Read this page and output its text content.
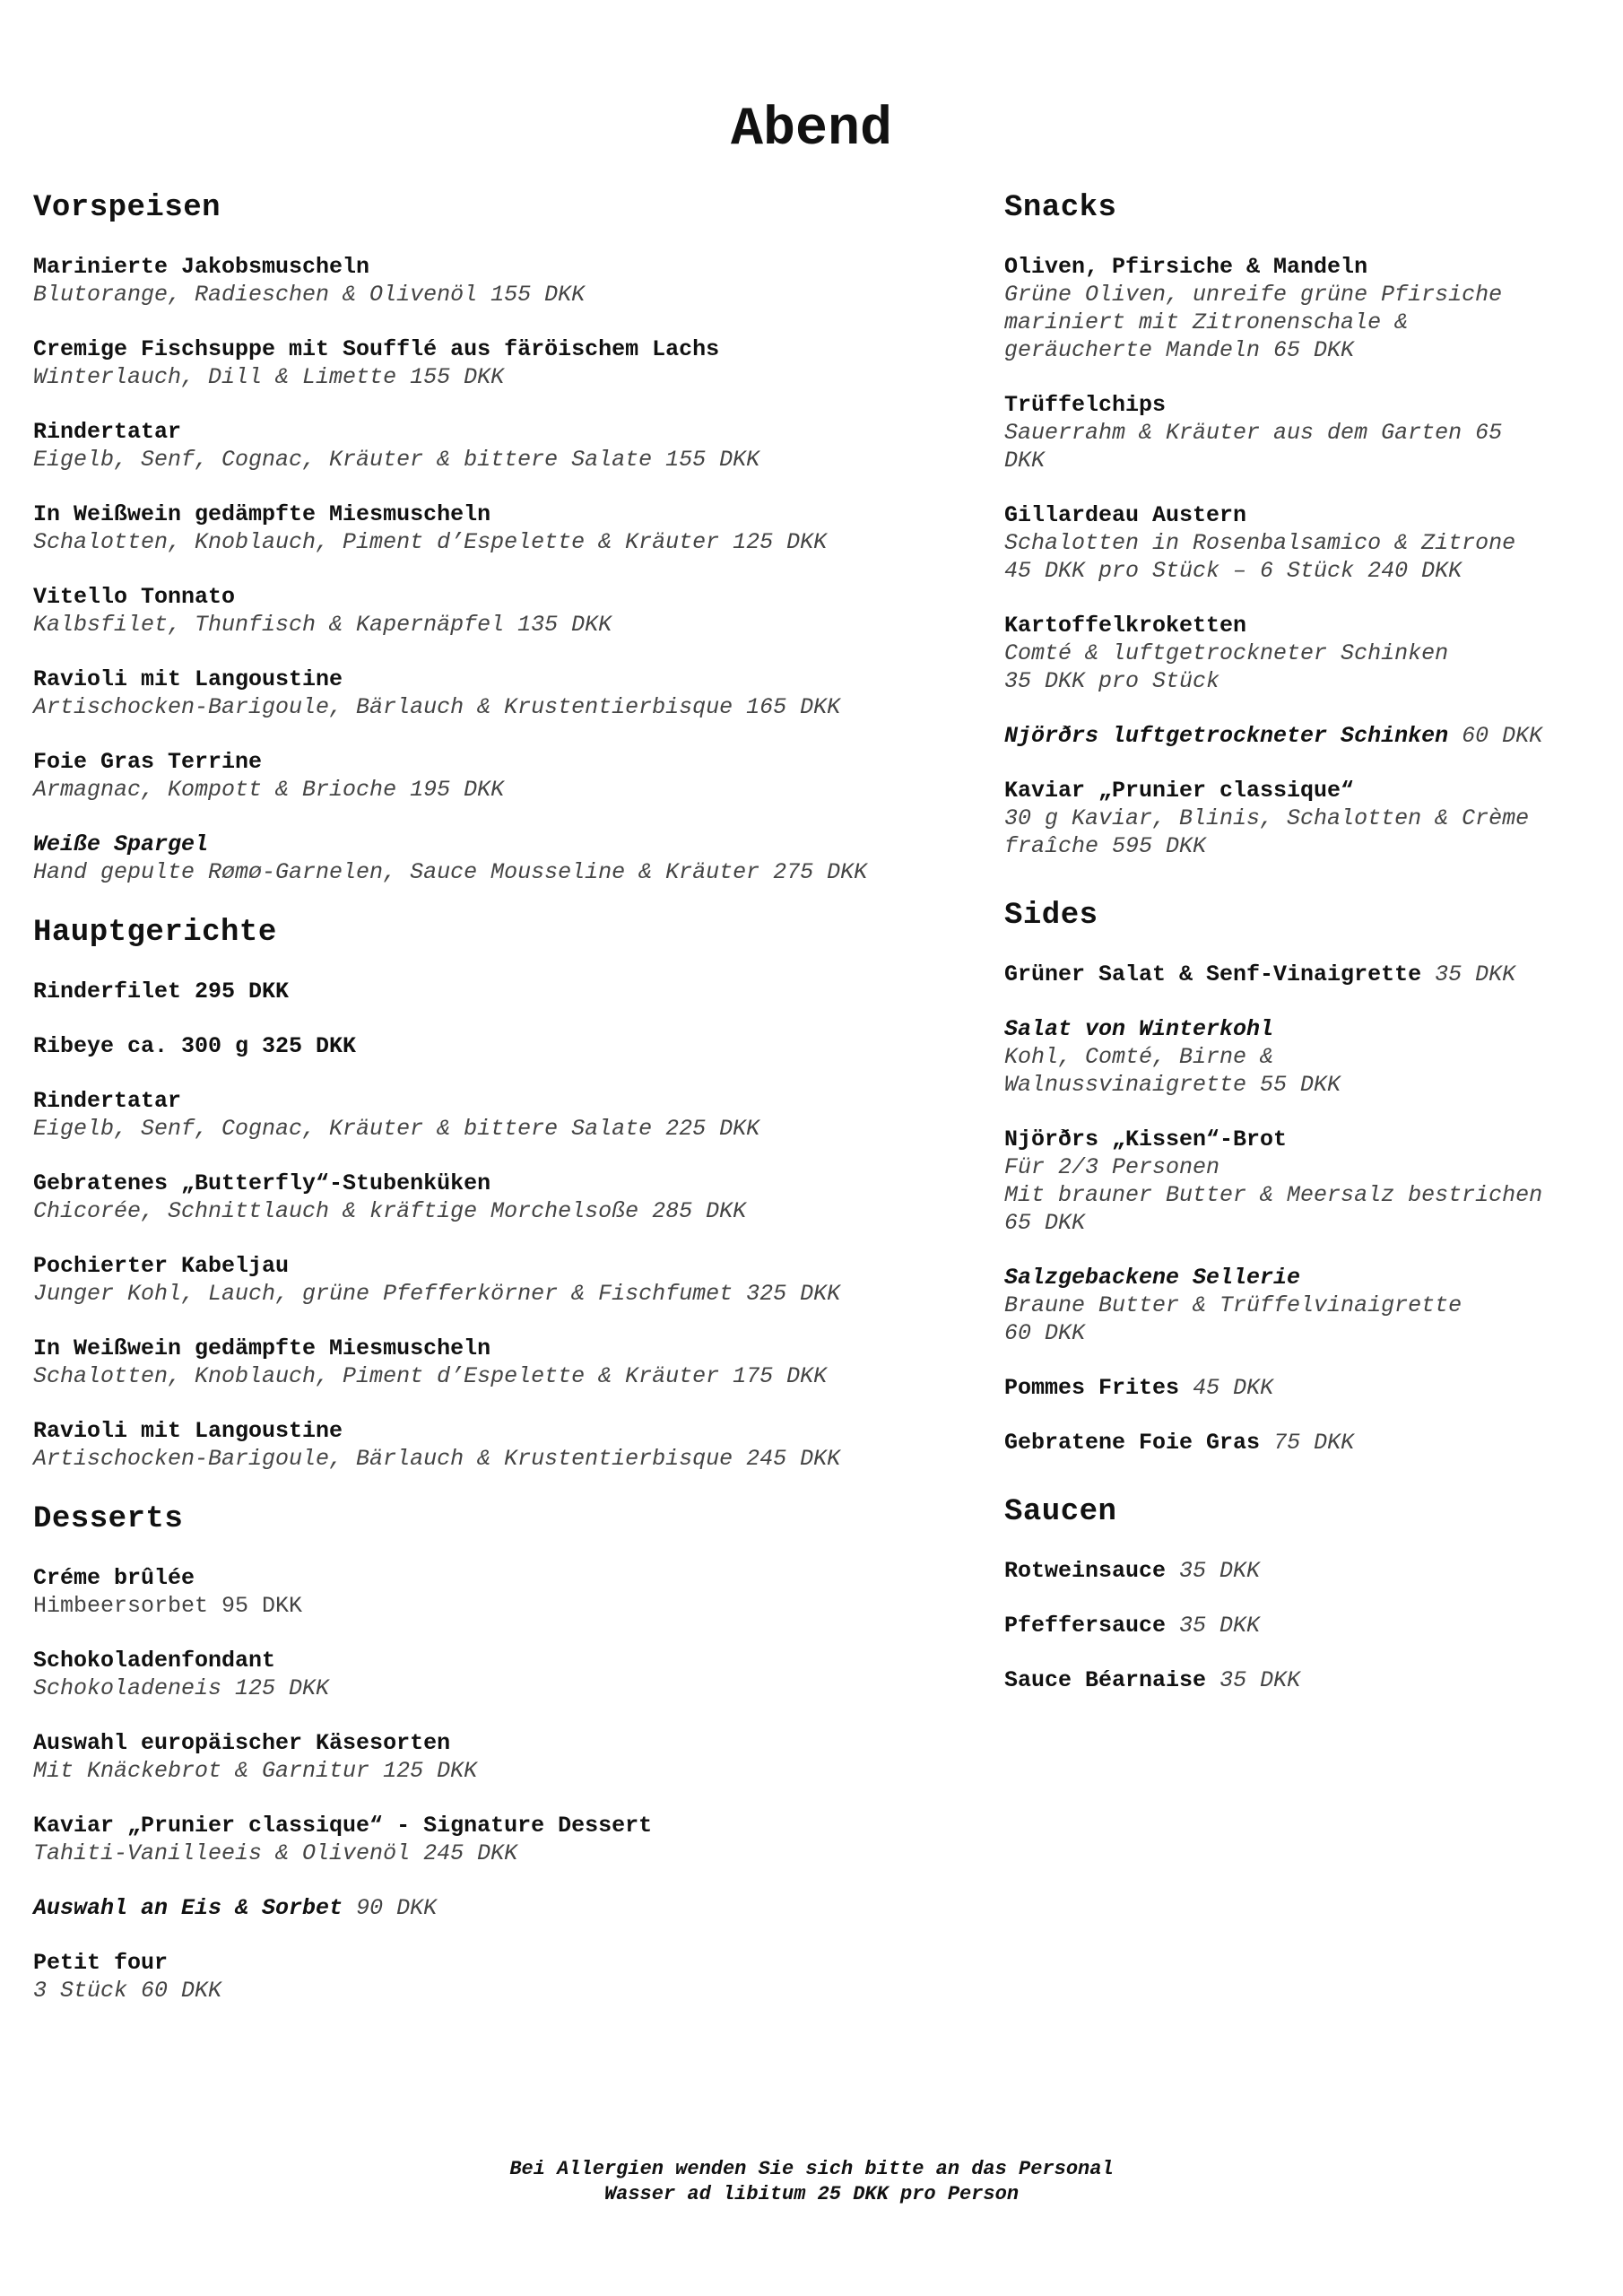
Abend
Vorspeisen
Marinierte Jakobsmuscheln
Blutorange, Radieschen & Olivenöl 155 DKK
Cremige Fischsuppe mit Soufflé aus färöischem Lachs
Winterlauch, Dill & Limette 155 DKK
Rindertatar
Eigelb, Senf, Cognac, Kräuter & bittere Salate 155 DKK
In Weißwein gedämpfte Miesmuscheln
Schalotten, Knoblauch, Piment d’Espelette & Kräuter 125 DKK
Vitello Tonnato
Kalbsfilet, Thunfisch & Kapernäpfel 135 DKK
Ravioli mit Langoustine
Artischocken-Barigoule, Bärlauch & Krustentierbisque 165 DKK
Foie Gras Terrine
Armagnac, Kompott & Brioche 195 DKK
Weiße Spargel
Hand gepulte Rømø-Garnelen, Sauce Mousseline & Kräuter 275 DKK
Hauptgerichte
Rinderfilet 295 DKK
Ribeye ca. 300 g 325 DKK
Rindertatar
Eigelb, Senf, Cognac, Kräuter & bittere Salate 225 DKK
Gebratenes „Butterfly“-Stubenküken
Chicorée, Schnittlauch & kräftige Morchelsoße 285 DKK
Pochierter Kabeljau
Junger Kohl, Lauch, grüne Pfefferkörner & Fischfumet 325 DKK
In Weißwein gedämpfte Miesmuscheln
Schalotten, Knoblauch, Piment d’Espelette & Kräuter 175 DKK
Ravioli mit Langoustine
Artischocken-Barigoule, Bärlauch & Krustentierbisque 245 DKK
Desserts
Créme brûlée
Himbeersorbet 95 DKK
Schokoladenfondant
Schokoladeneis 125 DKK
Auswahl europäischer Käsesorten
Mit Knäckebrot & Garnitur 125 DKK
Kaviar „Prunier classique“ - Signature Dessert
Tahiti-Vanilleeis & Olivenöl 245 DKK
Auswahl an Eis & Sorbet 90 DKK
Petit four
3 Stück 60 DKK
Snacks
Oliven, Pfirsiche & Mandeln
Grüne Oliven, unreife grüne Pfirsiche
mariniert mit Zitronenschale &
geräucherte Mandeln 65 DKK
Trüffelchips
Sauerrahm & Kräuter aus dem Garten 65
DKK
Gillardeau Austern
Schalotten in Rosenbalsamico & Zitrone
45 DKK pro Stück – 6 Stück 240 DKK
Kartoffelkroketten
Comté & luftgetrockneter Schinken
35 DKK pro Stück
Njörðrs luftgetrockneter Schinken 60 DKK
Kaviar „Prunier classique“
30 g Kaviar, Blinis, Schalotten & Crème
fraîche 595 DKK
Sides
Grüner Salat & Senf-Vinaigrette 35 DKK
Salat von Winterkohl
Kohl, Comté, Birne &
Walnussvinaigrette 55 DKK
Njörðrs „Kissen“-Brot
Für 2/3 Personen
Mit brauner Butter & Meersalz bestrichen
65 DKK
Salzgebackene Sellerie
Braune Butter & Trüffelvinaigrette
60 DKK
Pommes Frites 45 DKK
Gebratene Foie Gras 75 DKK
Saucen
Rotweinsauce 35 DKK
Pfeffersauce 35 DKK
Sauce Béarnaise 35 DKK
Bei Allergien wenden Sie sich bitte an das Personal
Wasser ad libitum 25 DKK pro Person
